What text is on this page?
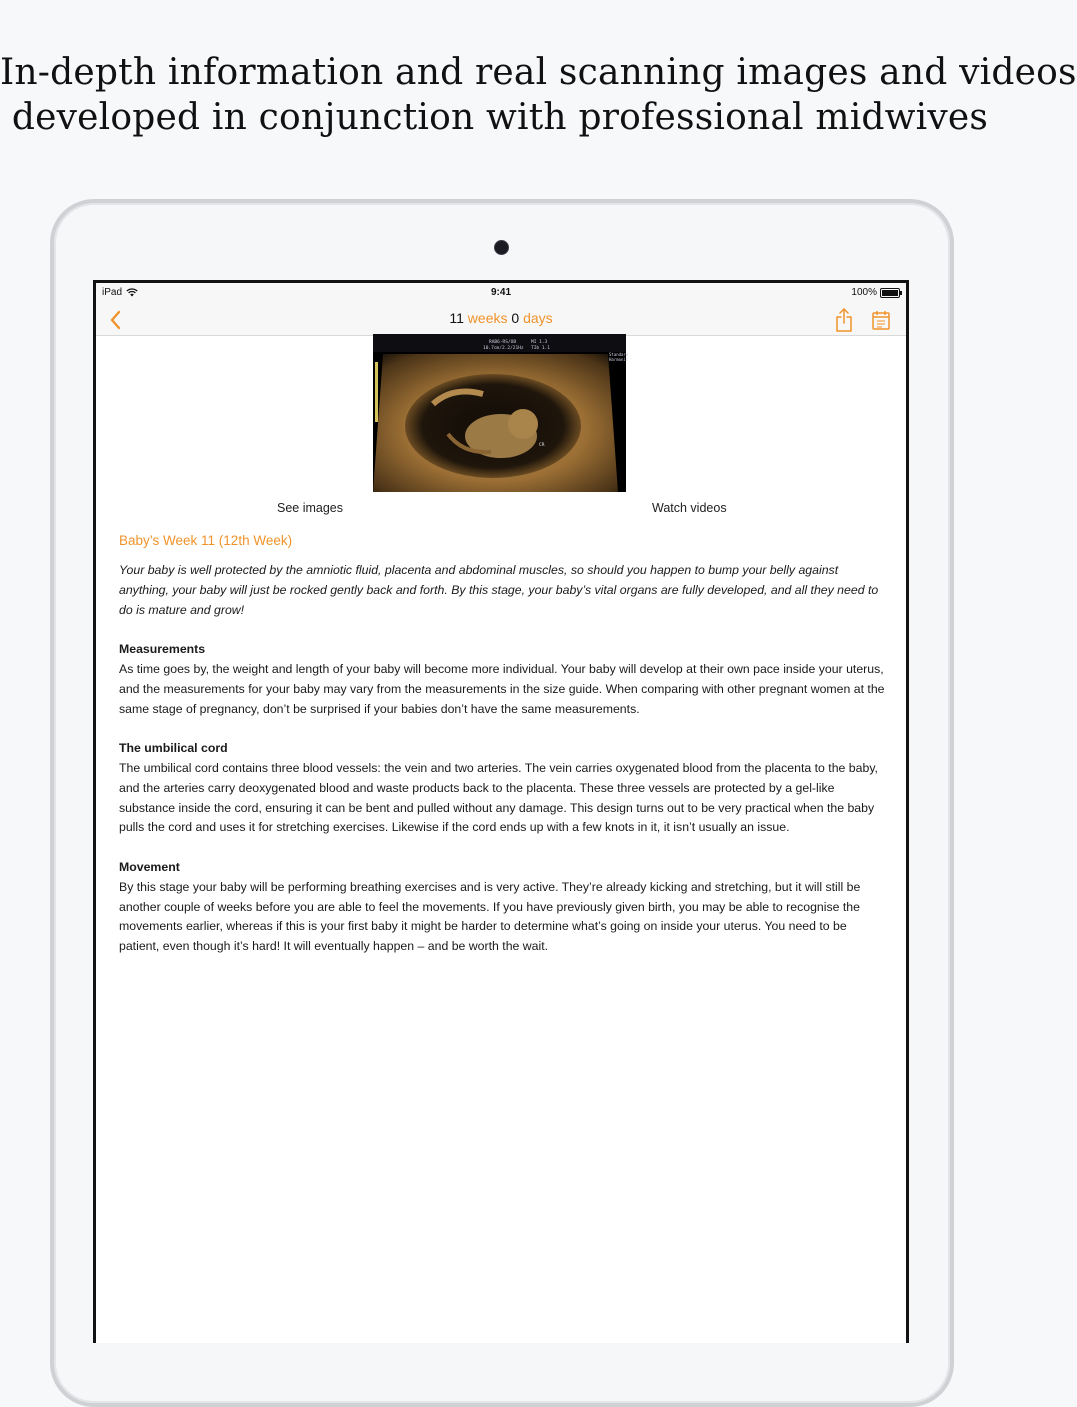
In-depth information and real scanning images and videos
developed in conjunction with professional midwives
iPad	9:41	100%
11 weeks 0 days
RAB6-RS/OB	MI 1.3
10.7cm/2.2/21Hz TIb 1.1
Standard
Harmonic
CR
See images	Watch videos
Baby’s Week 11 (12th Week)

Your baby is well protected by the amniotic fluid, placenta and abdominal muscles, so should you happen to bump your belly against anything, your baby will just be rocked gently back and forth. By this stage, your baby’s vital organs are fully developed, and all they need to do is mature and grow!

Measurements
As time goes by, the weight and length of your baby will become more individual. Your baby will develop at their own pace inside your uterus, and the measurements for your baby may vary from the measurements in the size guide. When comparing with other pregnant women at the same stage of pregnancy, don’t be surprised if your babies don’t have the same measurements.

The umbilical cord
The umbilical cord contains three blood vessels: the vein and two arteries. The vein carries oxygenated blood from the placenta to the baby, and the arteries carry deoxygenated blood and waste products back to the placenta. These three vessels are protected by a gel-like substance inside the cord, ensuring it can be bent and pulled without any damage. This design turns out to be very practical when the baby pulls the cord and uses it for stretching exercises. Likewise if the cord ends up with a few knots in it, it isn’t usually an issue.

Movement
By this stage your baby will be performing breathing exercises and is very active. They’re already kicking and stretching, but it will still be another couple of weeks before you are able to feel the movements. If you have previously given birth, you may be able to recognise the movements earlier, whereas if this is your first baby it might be harder to determine what’s going on inside your uterus. You need to be patient, even though it’s hard! It will eventually happen – and be worth the wait.
